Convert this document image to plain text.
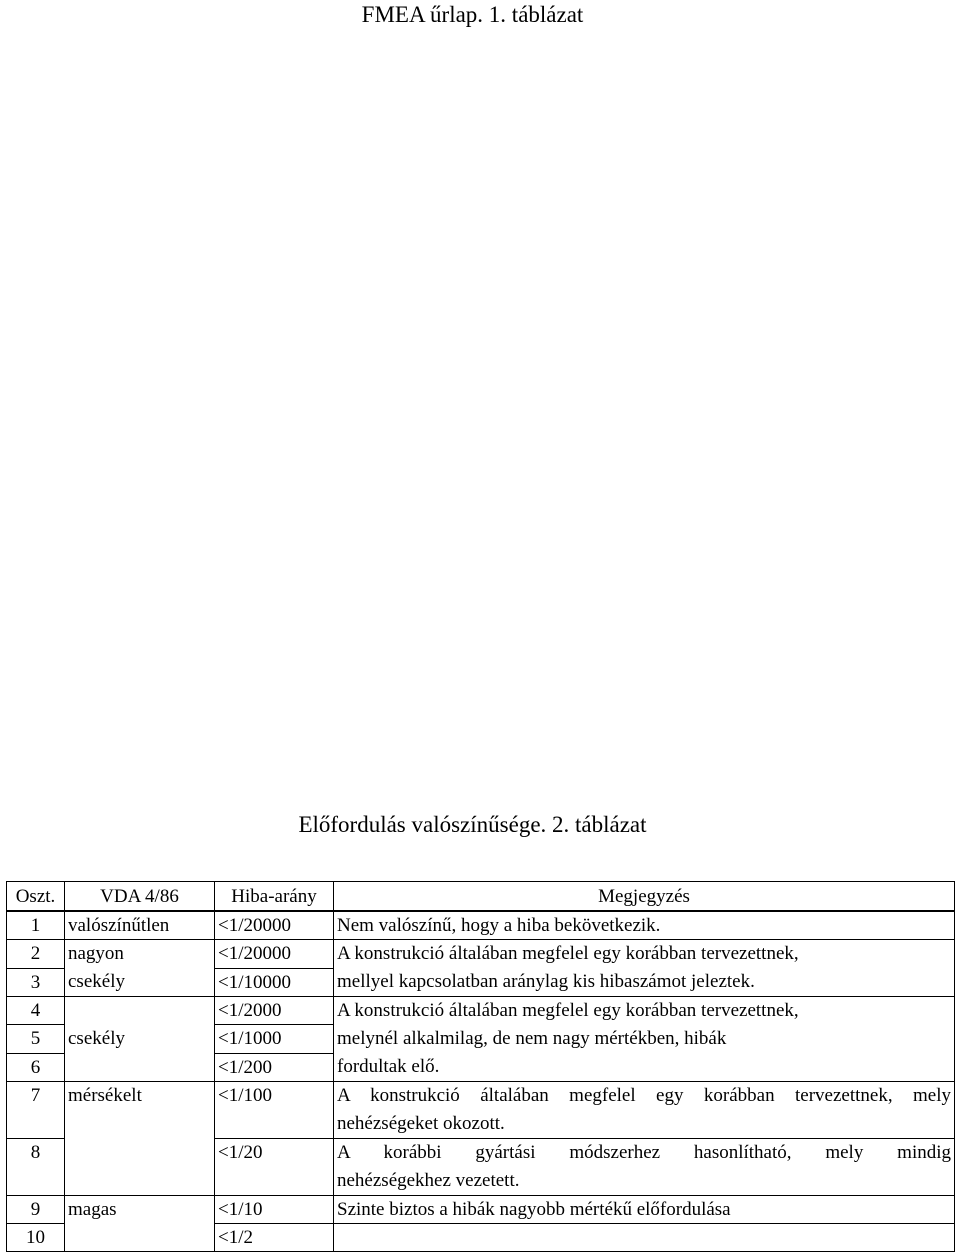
FMEA űrlap. 1. táblázat
Előfordulás valószínűsége. 2. táblázat
Oszt.	VDA 4/86	Hiba-arány	Megjegyzés
1	valószínűtlen	<1/20000	Nem valószínű, hogy a hiba bekövetkezik.
2	nagyon	<1/20000	A konstrukció általában megfelel egy korábban tervezettnek,
mellyel kapcsolatban aránylag kis hibaszámot jeleztek.

3	csekély	<1/10000	
4		<1/2000	A konstrukció általában megfelel egy korábban tervezettnek,
melynél alkalmilag, de nem nagy mértékben, hibák
fordultak elő.

5	csekély	<1/1000	
6		<1/200	
7	mérsékelt	<1/100	A konstrukció általában megfelel egy korábban tervezettnek, mely
nehézségeket okozott.

8		<1/20	A korábbi gyártási módszerhez hasonlítható, mely mindig
nehézségekhez vezetett.

9	magas	<1/10	Szinte biztos a hibák nagyobb mértékű előfordulása
10		<1/2	
